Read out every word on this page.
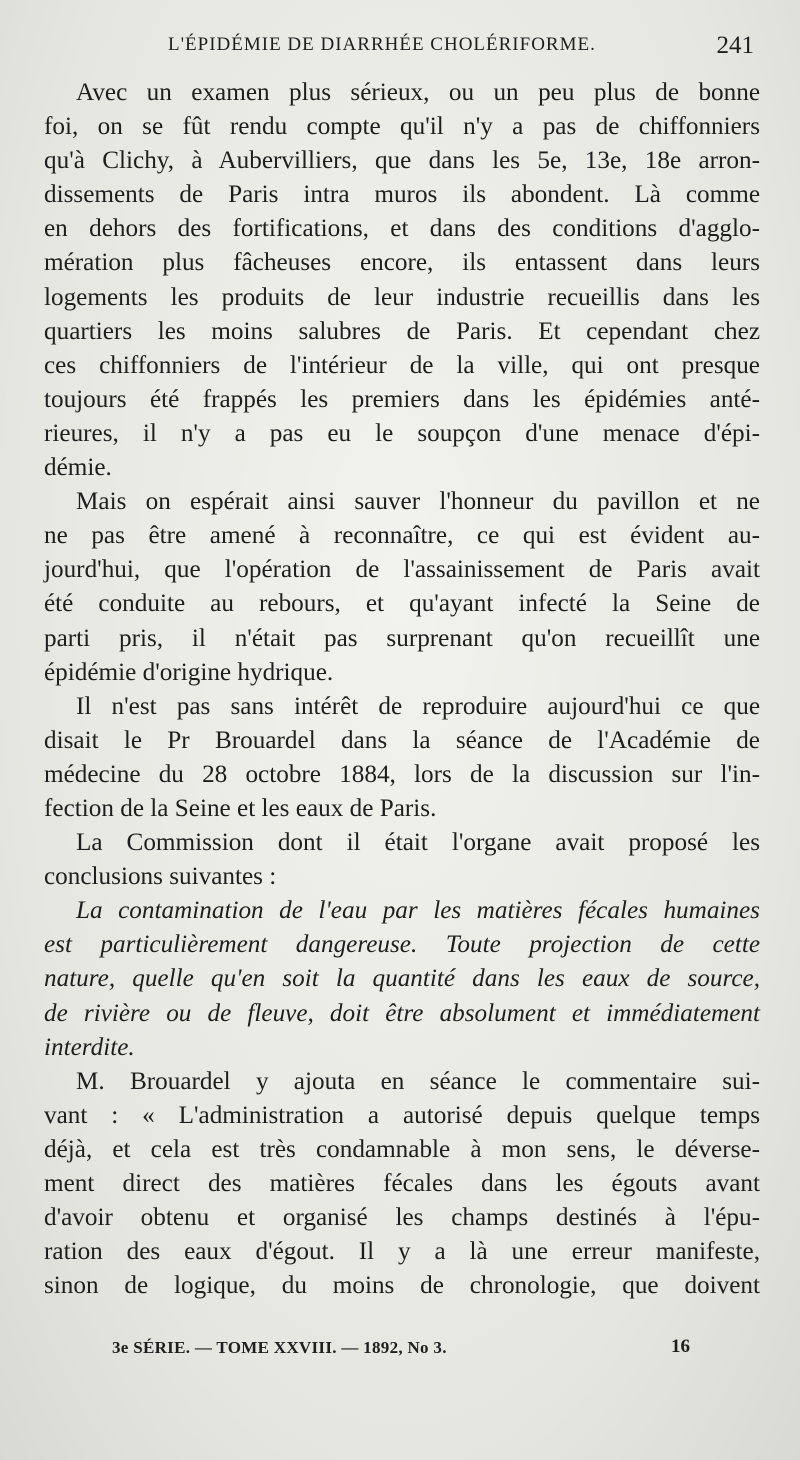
L'ÉPIDÉMIE DE DIARRHÉE CHOLÉRIFORME.	241
Avec un examen plus sérieux, ou un peu plus de bonne
foi, on se fût rendu compte qu'il n'y a pas de chiffonniers
qu'à Clichy, à Aubervilliers, que dans les 5e, 13e, 18e arron-
dissements de Paris intra muros ils abondent. Là comme
en dehors des fortifications, et dans des conditions d'agglo-
mération plus fâcheuses encore, ils entassent dans leurs
logements les produits de leur industrie recueillis dans les
quartiers les moins salubres de Paris. Et cependant chez
ces chiffonniers de l'intérieur de la ville, qui ont presque
toujours été frappés les premiers dans les épidémies anté-
rieures, il n'y a pas eu le soupçon d'une menace d'épi-
démie.
Mais on espérait ainsi sauver l'honneur du pavillon et ne
ne pas être amené à reconnaître, ce qui est évident au-
jourd'hui, que l'opération de l'assainissement de Paris avait
été conduite au rebours, et qu'ayant infecté la Seine de
parti pris, il n'était pas surprenant qu'on recueillît une
épidémie d'origine hydrique.
Il n'est pas sans intérêt de reproduire aujourd'hui ce que
disait le Pr Brouardel dans la séance de l'Académie de
médecine du 28 octobre 1884, lors de la discussion sur l'in-
fection de la Seine et les eaux de Paris.
La Commission dont il était l'organe avait proposé les
conclusions suivantes :
La contamination de l'eau par les matières fécales humaines
est particulièrement dangereuse. Toute projection de cette
nature, quelle qu'en soit la quantité dans les eaux de source,
de rivière ou de fleuve, doit être absolument et immédiatement
interdite.
M. Brouardel y ajouta en séance le commentaire sui-
vant : « L'administration a autorisé depuis quelque temps
déjà, et cela est très condamnable à mon sens, le déverse-
ment direct des matières fécales dans les égouts avant
d'avoir obtenu et organisé les champs destinés à l'épu-
ration des eaux d'égout. Il y a là une erreur manifeste,
sinon de logique, du moins de chronologie, que doivent
3e SÉRIE. — TOME XXVIII. — 1892, No 3.	16
